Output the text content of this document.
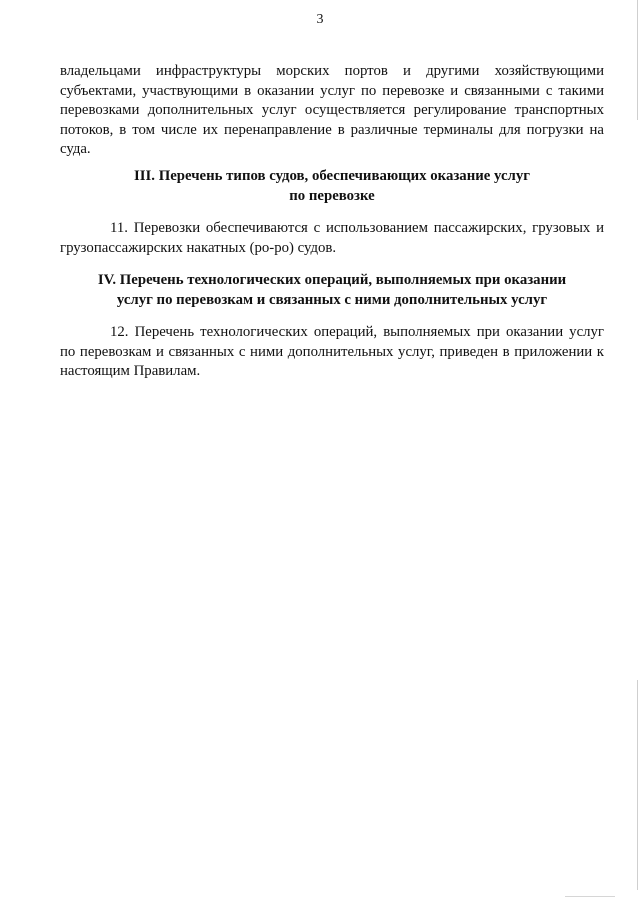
3

владельцами инфраструктуры морских портов и другими хозяйствующими субъектами, участвующими в оказании услуг по перевозке и связанными с такими перевозками дополнительных услуг осуществляется регулирование транспортных потоков, в том числе их перенаправление в различные терминалы для погрузки на суда.

III. Перечень типов судов, обеспечивающих оказание услуг
по перевозке

11. Перевозки обеспечиваются с использованием пассажирских, грузовых и грузопассажирских накатных (ро-ро) судов.

IV. Перечень технологических операций, выполняемых при оказании
услуг по перевозкам и связанных с ними дополнительных услуг

12. Перечень технологических операций, выполняемых при оказании услуг по перевозкам и связанных с ними дополнительных услуг, приведен в приложении к настоящим Правилам.
